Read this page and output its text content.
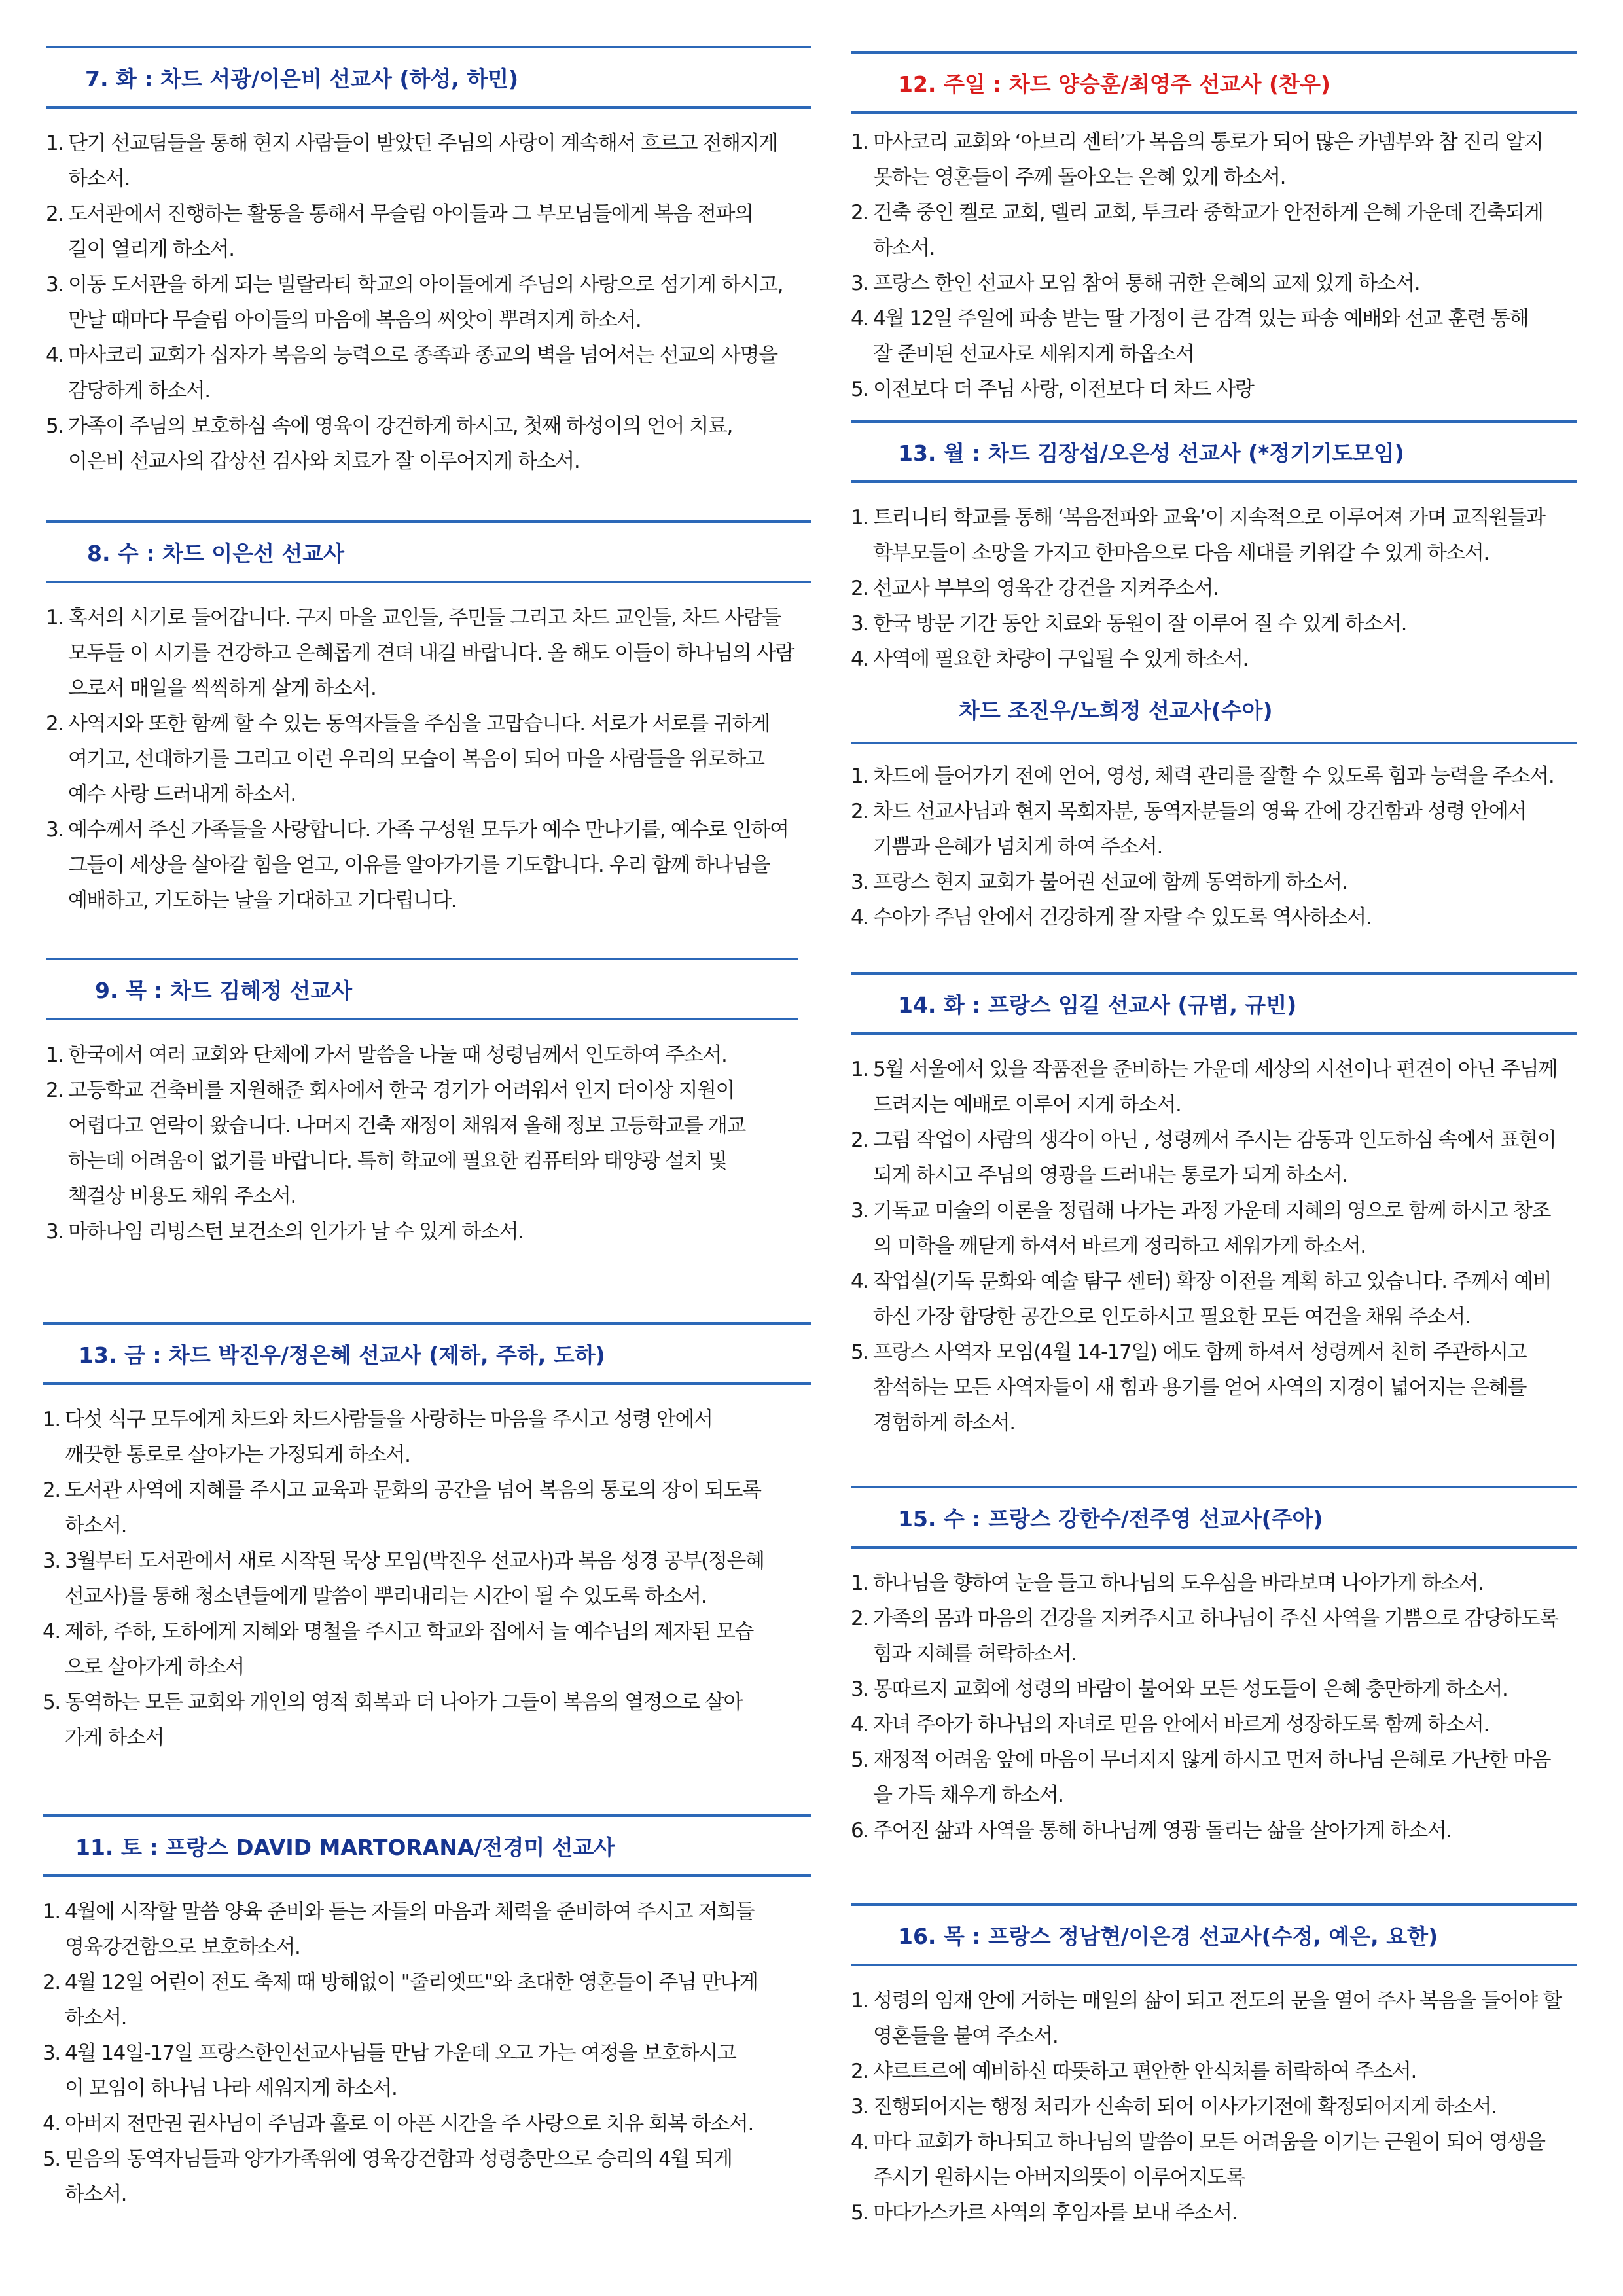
7. 화 : 차드 서광/이은비 선교사 (하성, 하민)
1. 단기 선교팀들을 통해 현지 사람들이 받았던 주님의 사랑이 계속해서 흐르고 전해지게
하소서.
2. 도서관에서 진행하는 활동을 통해서 무슬림 아이들과 그 부모님들에게 복음 전파의
길이 열리게 하소서.
3. 이동 도서관을 하게 되는 빌랄라티 학교의 아이들에게 주님의 사랑으로 섬기게 하시고,
만날 때마다 무슬림 아이들의 마음에 복음의 씨앗이 뿌려지게 하소서.
4. 마사코리 교회가 십자가 복음의 능력으로 종족과 종교의 벽을 넘어서는 선교의 사명을
감당하게 하소서.
5. 가족이 주님의 보호하심 속에 영육이 강건하게 하시고, 첫째 하성이의 언어 치료,
이은비 선교사의 갑상선 검사와 치료가 잘 이루어지게 하소서.
8. 수 : 차드 이은선 선교사
1. 혹서의 시기로 들어갑니다. 구지 마을 교인들, 주민들 그리고 차드 교인들, 차드 사람들
모두들 이 시기를 건강하고 은혜롭게 견뎌 내길 바랍니다. 올 해도 이들이 하나님의 사람
으로서 매일을 씩씩하게 살게 하소서.
2. 사역지와 또한 함께 할 수 있는 동역자들을 주심을 고맙습니다. 서로가 서로를 귀하게
여기고, 선대하기를 그리고 이런 우리의 모습이 복음이 되어 마을 사람들을 위로하고
예수 사랑 드러내게 하소서.
3. 예수께서 주신 가족들을 사랑합니다. 가족 구성원 모두가 예수 만나기를, 예수로 인하여
그들이 세상을 살아갈 힘을 얻고, 이유를 알아가기를 기도합니다. 우리 함께 하나님을
예배하고, 기도하는 날을 기대하고 기다립니다.
9. 목 : 차드 김혜정 선교사
1. 한국에서 여러 교회와 단체에 가서 말씀을 나눌 때 성령님께서 인도하여 주소서.
2. 고등학교 건축비를 지원해준 회사에서 한국 경기가 어려워서 인지 더이상 지원이
어렵다고 연락이 왔습니다. 나머지 건축 재정이 채워져 올해 정보 고등학교를 개교
하는데 어려움이 없기를 바랍니다. 특히 학교에 필요한 컴퓨터와 태양광 설치 및
책걸상 비용도 채워 주소서.
3. 마하나임 리빙스턴 보건소의 인가가 날 수 있게 하소서.
13. 금 : 차드 박진우/정은혜 선교사 (제하, 주하, 도하)
1. 다섯 식구 모두에게 차드와 차드사람들을 사랑하는 마음을 주시고 성령 안에서
깨끗한 통로로 살아가는 가정되게 하소서.
2. 도서관 사역에 지혜를 주시고 교육과 문화의 공간을 넘어 복음의 통로의 장이 되도록
하소서.
3. 3월부터 도서관에서 새로 시작된 묵상 모임(박진우 선교사)과 복음 성경 공부(정은혜
선교사)를 통해 청소년들에게 말씀이 뿌리내리는 시간이 될 수 있도록 하소서.
4. 제하, 주하, 도하에게 지혜와 명철을 주시고 학교와 집에서 늘 예수님의 제자된 모습
으로 살아가게 하소서
5. 동역하는 모든 교회와 개인의 영적 회복과 더 나아가 그들이 복음의 열정으로 살아
가게 하소서
11. 토 : 프랑스 DAVID MARTORANA/전경미 선교사
1. 4월에 시작할 말씀 양육 준비와 듣는 자들의 마음과 체력을 준비하여 주시고 저희들
영육강건함으로 보호하소서.
2. 4월 12일 어린이 전도 축제 때 방해없이 "줄리엣뜨"와 초대한 영혼들이 주님 만나게
하소서.
3. 4월 14일-17일 프랑스한인선교사님들 만남 가운데 오고 가는 여정을 보호하시고
이 모임이 하나님 나라 세워지게 하소서.
4. 아버지 전만권 권사님이 주님과 홀로 이 아픈 시간을 주 사랑으로 치유 회복 하소서.
5. 믿음의 동역자님들과 양가가족위에 영육강건함과 성령충만으로 승리의 4월 되게
하소서.
12. 주일 : 차드 양승훈/최영주 선교사 (찬우)
1. 마사코리 교회와 ‘아브리 센터’가 복음의 통로가 되어 많은 카넴부와 참 진리 알지
못하는 영혼들이 주께 돌아오는 은혜 있게 하소서.
2. 건축 중인 켈로 교회, 델리 교회, 투크라 중학교가 안전하게 은혜 가운데 건축되게
하소서.
3. 프랑스 한인 선교사 모임 참여 통해 귀한 은혜의 교제 있게 하소서.
4. 4월 12일 주일에 파송 받는 딸 가정이 큰 감격 있는 파송 예배와 선교 훈련 통해
잘 준비된 선교사로 세워지게 하옵소서
5. 이전보다 더 주님 사랑, 이전보다 더 차드 사랑
13. 월 : 차드 김장섭/오은성 선교사 (*정기기도모임)
1. 트리니티 학교를 통해 ‘복음전파와 교육’이 지속적으로 이루어져 가며 교직원들과
학부모들이 소망을 가지고 한마음으로 다음 세대를 키워갈 수 있게 하소서.
2. 선교사 부부의 영육간 강건을 지켜주소서.
3. 한국 방문 기간 동안 치료와 동원이 잘 이루어 질 수 있게 하소서.
4. 사역에 필요한 차량이 구입될 수 있게 하소서.
차드 조진우/노희정 선교사(수아)
1. 차드에 들어가기 전에 언어, 영성, 체력 관리를 잘할 수 있도록 힘과 능력을 주소서.
2. 차드 선교사님과 현지 목회자분, 동역자분들의 영육 간에 강건함과 성령 안에서
기쁨과 은혜가 넘치게 하여 주소서.
3. 프랑스 현지 교회가 불어권 선교에 함께 동역하게 하소서.
4. 수아가 주님 안에서 건강하게 잘 자랄 수 있도록 역사하소서.
14. 화 : 프랑스 임길 선교사 (규범, 규빈)
1. 5월 서울에서 있을 작품전을 준비하는 가운데 세상의 시선이나 편견이 아닌 주님께
드려지는 예배로 이루어 지게 하소서.
2. 그림 작업이 사람의 생각이 아닌 , 성령께서 주시는 감동과 인도하심 속에서 표현이
되게 하시고 주님의 영광을 드러내는 통로가 되게 하소서.
3. 기독교 미술의 이론을 정립해 나가는 과정 가운데 지혜의 영으로 함께 하시고 창조
의 미학을 깨닫게 하셔서 바르게 정리하고 세워가게 하소서.
4. 작업실(기독 문화와 예술 탐구 센터) 확장 이전을 계획 하고 있습니다. 주께서 예비
하신 가장 합당한 공간으로 인도하시고 필요한 모든 여건을 채워 주소서.
5. 프랑스 사역자 모임(4월 14-17일) 에도 함께 하셔서 성령께서 친히 주관하시고
참석하는 모든 사역자들이 새 힘과 용기를 얻어 사역의 지경이 넓어지는 은혜를
경험하게 하소서.
15. 수 : 프랑스 강한수/전주영 선교사(주아)
1. 하나님을 향하여 눈을 들고 하나님의 도우심을 바라보며 나아가게 하소서.
2. 가족의 몸과 마음의 건강을 지켜주시고 하나님이 주신 사역을 기쁨으로 감당하도록
힘과 지혜를 허락하소서.
3. 몽따르지 교회에 성령의 바람이 불어와 모든 성도들이 은혜 충만하게 하소서.
4. 자녀 주아가 하나님의 자녀로 믿음 안에서 바르게 성장하도록 함께 하소서.
5. 재정적 어려움 앞에 마음이 무너지지 않게 하시고 먼저 하나님 은혜로 가난한 마음
을 가득 채우게 하소서.
6. 주어진 삶과 사역을 통해 하나님께 영광 돌리는 삶을 살아가게 하소서.
16. 목 : 프랑스 정남현/이은경 선교사(수정, 예은, 요한)
1. 성령의 임재 안에 거하는 매일의 삶이 되고 전도의 문을 열어 주사 복음을 들어야 할
영혼들을 붙여 주소서.
2. 샤르트르에 예비하신 따뜻하고 편안한 안식처를 허락하여 주소서.
3. 진행되어지는 행정 처리가 신속히 되어 이사가기전에 확정되어지게 하소서.
4. 마다 교회가 하나되고 하나님의 말씀이 모든 어려움을 이기는 근원이 되어 영생을
주시기 원하시는 아버지의뜻이 이루어지도록
5. 마다가스카르 사역의 후임자를 보내 주소서.
